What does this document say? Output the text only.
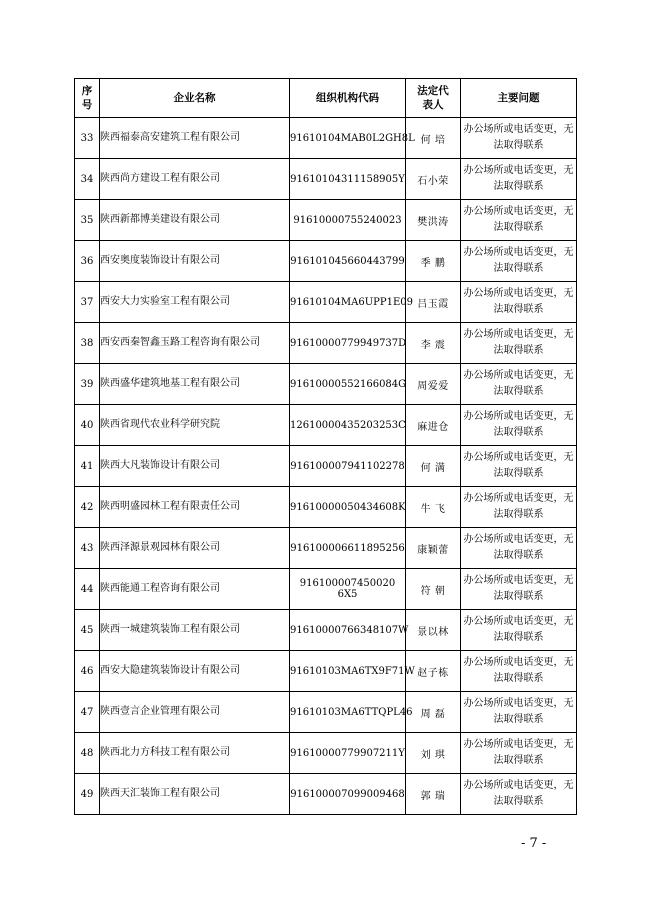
序号	企业名称	组织机构代码	法定代表人	主要问题
33	陕西福泰高安建筑工程有限公司	91610104MAB0L2GH8L	何 培	办公场所或电话变更，无法取得联系
34	陕西尚方建设工程有限公司	91610104311158905Y	石小荣	办公场所或电话变更，无法取得联系
35	陕西新都博美建设有限公司	91610000755240023	樊洪涛	办公场所或电话变更，无法取得联系
36	西安奥度装饰设计有限公司	916101045660443799	季 鹏	办公场所或电话变更，无法取得联系
37	西安大力实验室工程有限公司	91610104MA6UPP1E09	吕玉霞	办公场所或电话变更，无法取得联系
38	西安西秦智鑫玉路工程咨询有限公司	91610000779949737D	李 震	办公场所或电话变更，无法取得联系
39	陕西盛华建筑地基工程有限公司	91610000552166084G	周爱爱	办公场所或电话变更，无法取得联系
40	陕西省现代农业科学研究院	12610000435203253C	麻进仓	办公场所或电话变更，无法取得联系
41	陕西大凡装饰设计有限公司	916100007941102278	何 满	办公场所或电话变更，无法取得联系
42	陕西明盛园林工程有限责任公司	91610000050434608K	牛 飞	办公场所或电话变更，无法取得联系
43	陕西泽源景观园林有限公司	916100006611895256	康颖蕾	办公场所或电话变更，无法取得联系
44	陕西能通工程咨询有限公司	916100007450020 6X5	符 朝	办公场所或电话变更，无法取得联系
45	陕西一城建筑装饰工程有限公司	91610000766348107W	景以林	办公场所或电话变更，无法取得联系
46	西安大隐建筑装饰设计有限公司	91610103MA6TX9F71W	赵子栋	办公场所或电话变更，无法取得联系
47	陕西壹言企业管理有限公司	91610103MA6TTQPL46	周 磊	办公场所或电话变更，无法取得联系
48	陕西北力方科技工程有限公司	91610000779907211Y	刘 琪	办公场所或电话变更，无法取得联系
49	陕西天汇装饰工程有限公司	916100007099009468	郭 瑞	办公场所或电话变更，无法取得联系
- 7 -
